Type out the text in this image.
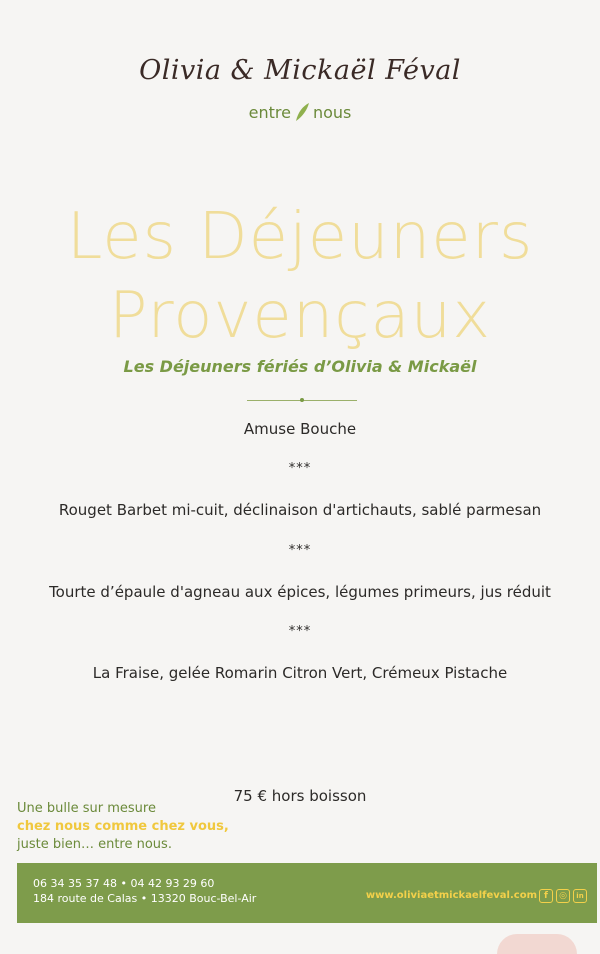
Olivia & Mickaël Féval
entre nous
Les Déjeuners
Provençaux
Les Déjeuners fériés d’Olivia & Mickaël
Amuse Bouche
***
Rouget Barbet mi-cuit, déclinaison d'artichauts, sablé parmesan
***
Tourte d’épaule d'agneau aux épices, légumes primeurs, jus réduit
***
La Fraise, gelée Romarin Citron Vert, Crémeux Pistache
75 € hors boisson
Une bulle sur mesure
chez nous comme chez vous,
juste bien… entre nous.
06 34 35 37 48 • 04 42 93 29 60
184 route de Calas • 13320 Bouc-Bel-Air	www.oliviaetmickaelfeval.com f	◎	in
